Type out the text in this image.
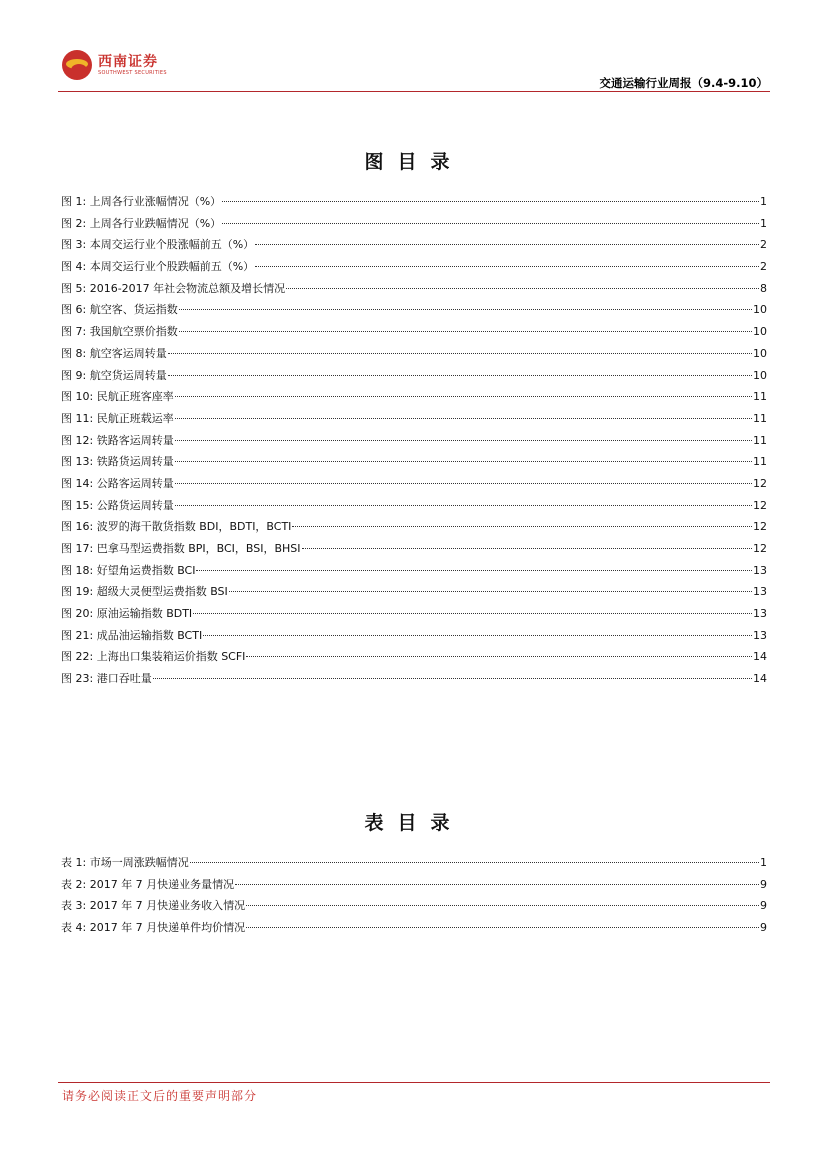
西南证券
SOUTHWEST SECURITIES
交通运输行业周报（9.4-9.10）
图目录
图 1: 上周各行业涨幅情况（%）	1
图 2: 上周各行业跌幅情况（%）	1
图 3: 本周交运行业个股涨幅前五（%）	2
图 4: 本周交运行业个股跌幅前五（%）	2
图 5: 2016-2017 年社会物流总额及增长情况	8
图 6: 航空客、货运指数	10
图 7: 我国航空票价指数	10
图 8: 航空客运周转量	10
图 9: 航空货运周转量	10
图 10: 民航正班客座率	11
图 11: 民航正班载运率	11
图 12: 铁路客运周转量	11
图 13: 铁路货运周转量	11
图 14: 公路客运周转量	12
图 15: 公路货运周转量	12
图 16: 波罗的海干散货指数 BDI，BDTI，BCTI	12
图 17: 巴拿马型运费指数 BPI，BCI，BSI，BHSI	12
图 18: 好望角运费指数 BCI	13
图 19: 超级大灵便型运费指数 BSI	13
图 20: 原油运输指数 BDTI	13
图 21: 成品油运输指数 BCTI	13
图 22: 上海出口集装箱运价指数 SCFI	14
图 23: 港口吞吐量	14
表目录
表 1: 市场一周涨跌幅情况	1
表 2: 2017 年 7 月快递业务量情况	9
表 3: 2017 年 7 月快递业务收入情况	9
表 4: 2017 年 7 月快递单件均价情况	9
请务必阅读正文后的重要声明部分
